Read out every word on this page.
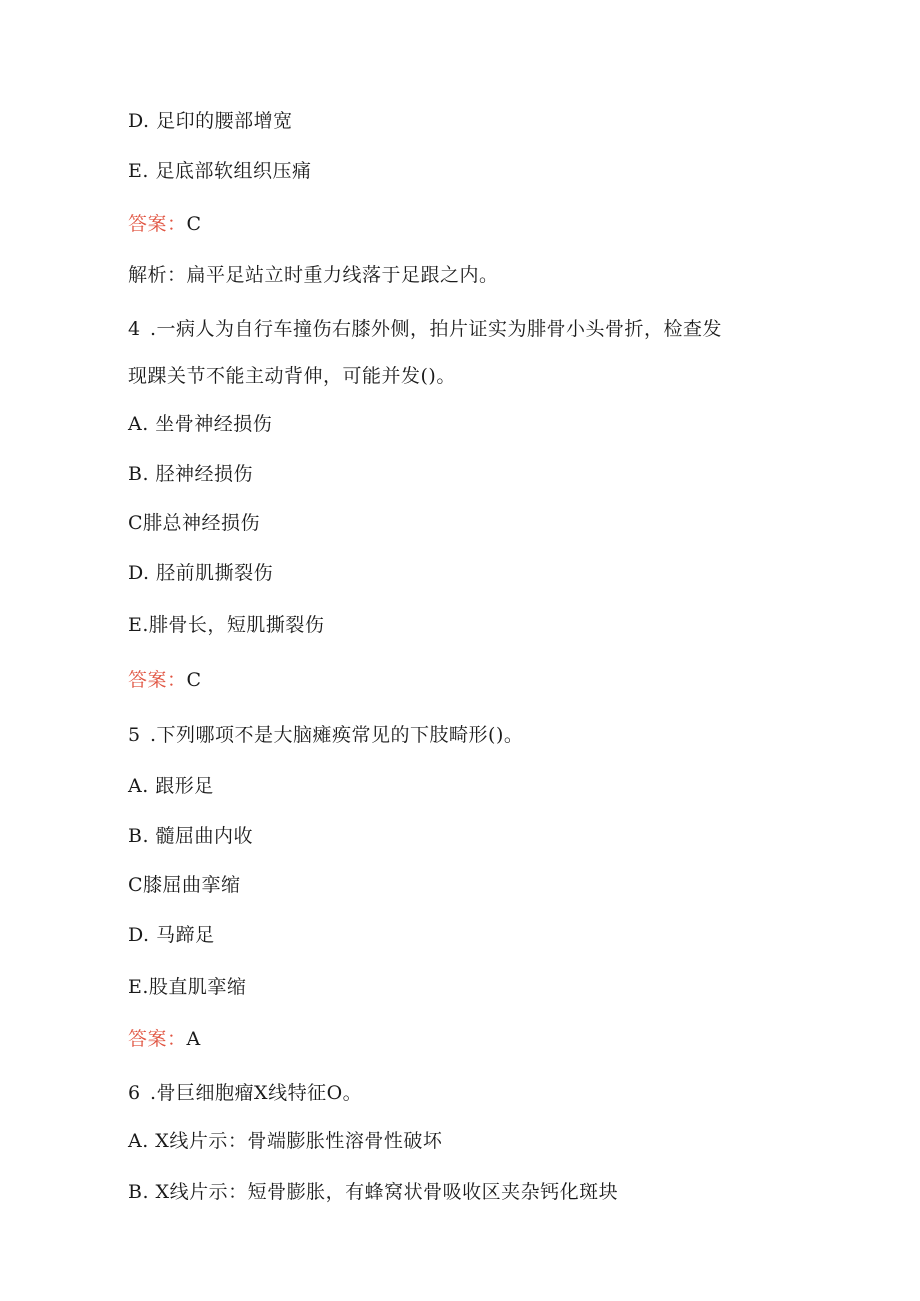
D. 足印的腰部增宽
E. 足底部软组织压痛
答案：C
解析：扁平足站立时重力线落于足跟之内。
4 .一病人为自行车撞伤右膝外侧，拍片证实为腓骨小头骨折，检查发
现踝关节不能主动背伸，可能并发()。
A. 坐骨神经损伤
B. 胫神经损伤
C腓总神经损伤
D. 胫前肌撕裂伤
E.腓骨长，短肌撕裂伤
答案：C
5 .下列哪项不是大脑瘫痪常见的下肢畸形()。
A. 跟形足
B. 髓屈曲内收
C膝屈曲挛缩
D. 马蹄足
E.股直肌挛缩
答案：A
6 .骨巨细胞瘤X线特征O。
A. X线片示：骨端膨胀性溶骨性破坏
B. X线片示：短骨膨胀，有蜂窝状骨吸收区夹杂钙化斑块
